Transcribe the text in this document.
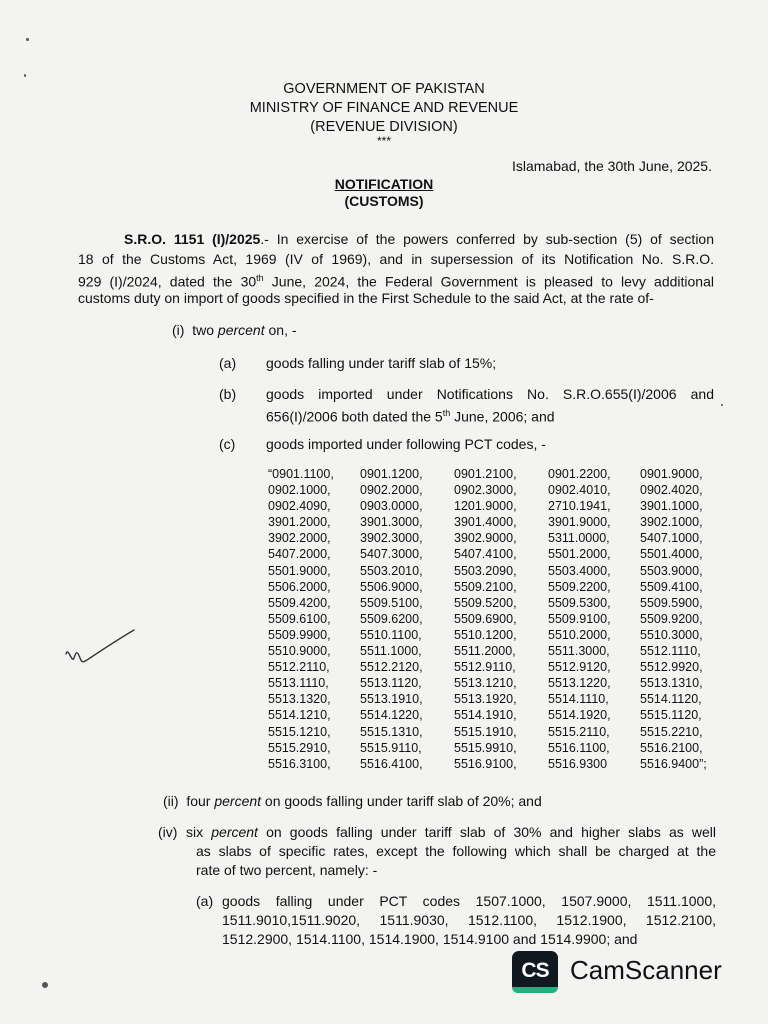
GOVERNMENT OF PAKISTAN
MINISTRY OF FINANCE AND REVENUE
(REVENUE DIVISION)
***
Islamabad, the 30th June, 2025.
NOTIFICATION
(CUSTOMS)
S.R.O. 1151 (I)/2025.- In exercise of the powers conferred by sub-section (5) of section
18 of the Customs Act, 1969 (IV of 1969), and in supersession of its Notification No. S.R.O.
929 (I)/2024, dated the 30th June, 2024, the Federal Government is pleased to levy additional
customs duty on import of goods specified in the First Schedule to the said Act, at the rate of-
(i) two percent on, -
(a) goods falling under tariff slab of 15%;
(b) goods imported under Notifications No. S.R.O.655(I)/2006 and
656(I)/2006 both dated the 5th June, 2006; and
(c) goods imported under following PCT codes, -
“0901.1100,	0901.1200,	0901.2100,	0901.2200,	0901.9000,
0902.1000,	0902.2000,	0902.3000,	0902.4010,	0902.4020,
0902.4090,	0903.0000,	1201.9000,	2710.1941,	3901.1000,
3901.2000,	3901.3000,	3901.4000,	3901.9000,	3902.1000,
3902.2000,	3902.3000,	3902.9000,	5311.0000,	5407.1000,
5407.2000,	5407.3000,	5407.4100,	5501.2000,	5501.4000,
5501.9000,	5503.2010,	5503.2090,	5503.4000,	5503.9000,
5506.2000,	5506.9000,	5509.2100,	5509.2200,	5509.4100,
5509.4200,	5509.5100,	5509.5200,	5509.5300,	5509.5900,
5509.6100,	5509.6200,	5509.6900,	5509.9100,	5509.9200,
5509.9900,	5510.1100,	5510.1200,	5510.2000,	5510.3000,
5510.9000,	5511.1000,	5511.2000,	5511.3000,	5512.1110,
5512.2110,	5512.2120,	5512.9110,	5512.9120,	5512.9920,
5513.1110,	5513.1120,	5513.1210,	5513.1220,	5513.1310,
5513.1320,	5513.1910,	5513.1920,	5514.1110,	5514.1120,
5514.1210,	5514.1220,	5514.1910,	5514.1920,	5515.1120,
5515.1210,	5515.1310,	5515.1910,	5515.2110,	5515.2210,
5515.2910,	5515.9110,	5515.9910,	5516.1100,	5516.2100,
5516.3100,	5516.4100,	5516.9100,	5516.9300	5516.9400”;
(ii) four percent on goods falling under tariff slab of 20%; and
(iv) six percent on goods falling under tariff slab of 30% and higher slabs as well
as slabs of specific rates, except the following which shall be charged at the
rate of two percent, namely: -
(a) goods falling under PCT codes 1507.1000, 1507.9000, 1511.1000,
1511.9010,1511.9020, 1511.9030, 1512.1100, 1512.1900, 1512.2100,
1512.2900, 1514.1100, 1514.1900, 1514.9100 and 1514.9900; and
CS CamScanner
